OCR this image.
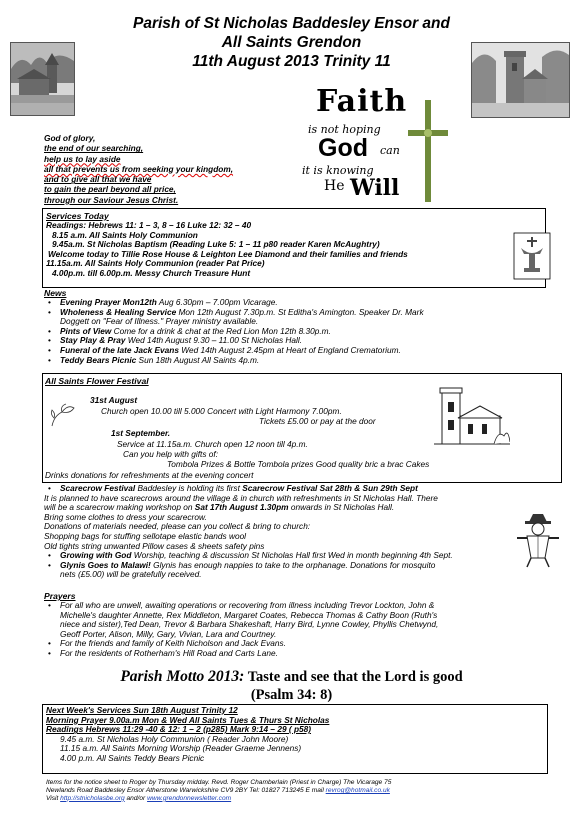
Parish of St Nicholas Baddesley Ensor and
All Saints Grendon
11th August 2013 Trinity 11
Faith
is not hoping
God can
it is knowing
He Will
God of glory,
the end of our searching,
help us to lay aside
all that prevents us from seeking your kingdom,
and to give all that we have
to gain the pearl beyond all price,
through our Saviour Jesus Christ.
Services Today
Readings: Hebrews 11: 1 – 3, 8 – 16 Luke 12: 32 – 40
8.15 a.m. All Saints Holy Communion
9.45a.m. St Nicholas Baptism (Reading Luke 5: 1 – 11 p80 reader Karen McAughtry)
Welcome today to Tillie Rose House & Leighton Lee Diamond and their families and friends
11.15a.m. All Saints Holy Communion (reader Pat Price)
4.00p.m. till 6.00p.m. Messy Church Treasure Hunt
News
• Evening Prayer Mon12th Aug 6.30pm – 7.00pm Vicarage.
• Wholeness & Healing Service Mon 12th August 7.30p.m. St Editha's Amington. Speaker Dr. Mark
Doggett on "Fear of Illness." Prayer ministry available.
• Pints of View Come for a drink & chat at the Red Lion Mon 12th 8.30p.m.
• Stay Play & Pray Wed 14th August 9.30 – 11.00 St Nicholas Hall.
• Funeral of the late Jack Evans Wed 14th August 2.45pm at Heart of England Crematorium.
• Teddy Bears Picnic Sun 18th August All Saints 4p.m.
All Saints Flower Festival
31st August
Church open 10.00 till 5.000 Concert with Light Harmony 7.00pm.
Tickets £5.00 or pay at the door
1st September.
Service at 11.15a.m. Church open 12 noon till 4p.m.
Can you help with gifts of:
Tombola Prizes & Bottle Tombola prizes Good quality bric a brac Cakes
Drinks donations for refreshments at the evening concert
• Scarecrow Festival Baddesley is holding its first Scarecrow Festival Sat 28th & Sun 29th Sept
It is planned to have scarecrows around the village & in church with refreshments in St Nicholas Hall. There
will be a scarecrow making workshop on Sat 17th August 1.30pm onwards in St Nicholas Hall.
Bring some clothes to dress your scarecrow.
Donations of materials needed, please can you collect & bring to church:
Shopping bags for stuffing sellotape elastic bands wool
Old tights string unwanted Pillow cases & sheets safety pins
• Growing with God Worship, teaching & discussion St Nicholas Hall first Wed in month beginning 4th Sept.
• Glynis Goes to Malawi! Glynis has enough nappies to take to the orphanage. Donations for mosquito
nets (£5.00) will be gratefully received.
Prayers
• For all who are unwell, awaiting operations or recovering from illness including Trevor Lockton, John &
Michelle's daughter Annette, Rex Middleton, Margaret Coates, Rebecca Thomas & Cathy Boon (Ruth's
niece and sister),Ted Dean, Trevor & Barbara Shakeshaft, Harry Bird, Lynne Cowley, Phyllis Chetwynd,
Geoff Porter, Alison, Milly, Gary, Vivian, Lara and Courtney.
• For the friends and family of Keith Nicholson and Jack Evans.
• For the residents of Rotherham's Hill Road and Carts Lane.
Parish Motto 2013: Taste and see that the Lord is good
(Psalm 34: 8)
Next Week's Services Sun 18th August Trinity 12
Morning Prayer 9.00a.m Mon & Wed All Saints Tues & Thurs St Nicholas
Readings Hebrews 11:29 -40 & 12: 1 – 2 (p285) Mark 9:14 – 29 ( p58)
9.45 a.m. St Nicholas Holy Communion ( Reader John Moore)
11.15 a.m. All Saints Morning Worship (Reader Graeme Jennens)
4.00 p.m. All Saints Teddy Bears Picnic
Items for the notice sheet to Roger by Thursday midday. Revd. Roger Chamberlain (Priest in Charge) The Vicarage 75
Newlands Road Baddesley Ensor Atherstone Warwickshire CV9 2BY Tel: 01827 713245 E mail revrog@hotmail.co.uk
Visit http://stnicholasbe.org and/or www.grendonnewsletter.com
